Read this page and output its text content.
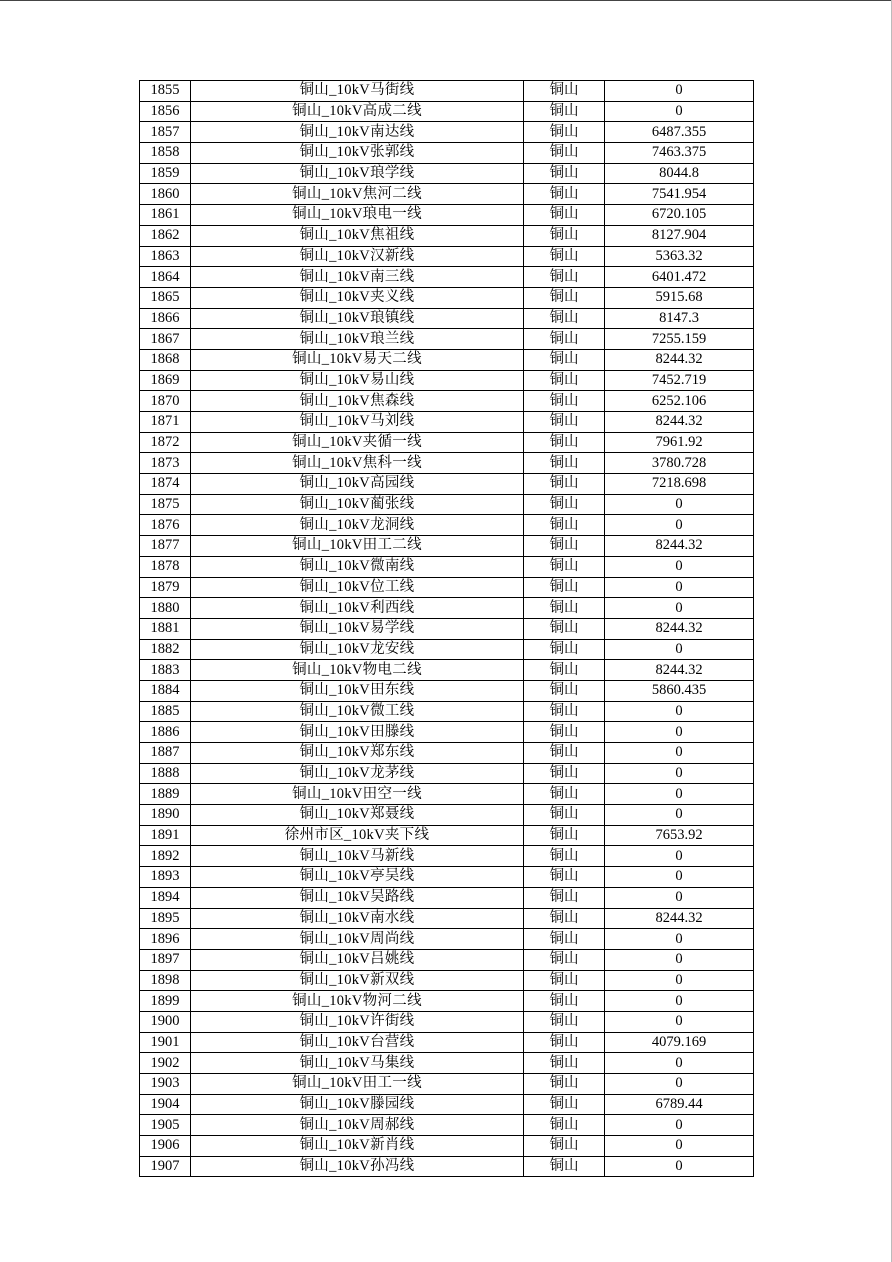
1855	铜山_10kV马街线	铜山	0
1856	铜山_10kV高成二线	铜山	0
1857	铜山_10kV南达线	铜山	6487.355
1858	铜山_10kV张郭线	铜山	7463.375
1859	铜山_10kV琅学线	铜山	8044.8
1860	铜山_10kV焦河二线	铜山	7541.954
1861	铜山_10kV琅电一线	铜山	6720.105
1862	铜山_10kV焦祖线	铜山	8127.904
1863	铜山_10kV汉新线	铜山	5363.32
1864	铜山_10kV南三线	铜山	6401.472
1865	铜山_10kV夹义线	铜山	5915.68
1866	铜山_10kV琅镇线	铜山	8147.3
1867	铜山_10kV琅兰线	铜山	7255.159
1868	铜山_10kV易天二线	铜山	8244.32
1869	铜山_10kV易山线	铜山	7452.719
1870	铜山_10kV焦森线	铜山	6252.106
1871	铜山_10kV马刘线	铜山	8244.32
1872	铜山_10kV夹循一线	铜山	7961.92
1873	铜山_10kV焦科一线	铜山	3780.728
1874	铜山_10kV高园线	铜山	7218.698
1875	铜山_10kV蔺张线	铜山	0
1876	铜山_10kV龙洞线	铜山	0
1877	铜山_10kV田工二线	铜山	8244.32
1878	铜山_10kV微南线	铜山	0
1879	铜山_10kV位工线	铜山	0
1880	铜山_10kV利西线	铜山	0
1881	铜山_10kV易学线	铜山	8244.32
1882	铜山_10kV龙安线	铜山	0
1883	铜山_10kV物电二线	铜山	8244.32
1884	铜山_10kV田东线	铜山	5860.435
1885	铜山_10kV微工线	铜山	0
1886	铜山_10kV田滕线	铜山	0
1887	铜山_10kV郑东线	铜山	0
1888	铜山_10kV龙茅线	铜山	0
1889	铜山_10kV田空一线	铜山	0
1890	铜山_10kV郑聂线	铜山	0
1891	徐州市区_10kV夹下线	铜山	7653.92
1892	铜山_10kV马新线	铜山	0
1893	铜山_10kV亭吴线	铜山	0
1894	铜山_10kV吴路线	铜山	0
1895	铜山_10kV南水线	铜山	8244.32
1896	铜山_10kV周尚线	铜山	0
1897	铜山_10kV吕姚线	铜山	0
1898	铜山_10kV新双线	铜山	0
1899	铜山_10kV物河二线	铜山	0
1900	铜山_10kV许街线	铜山	0
1901	铜山_10kV台营线	铜山	4079.169
1902	铜山_10kV马集线	铜山	0
1903	铜山_10kV田工一线	铜山	0
1904	铜山_10kV滕园线	铜山	6789.44
1905	铜山_10kV周郝线	铜山	0
1906	铜山_10kV新肖线	铜山	0
1907	铜山_10kV孙冯线	铜山	0
